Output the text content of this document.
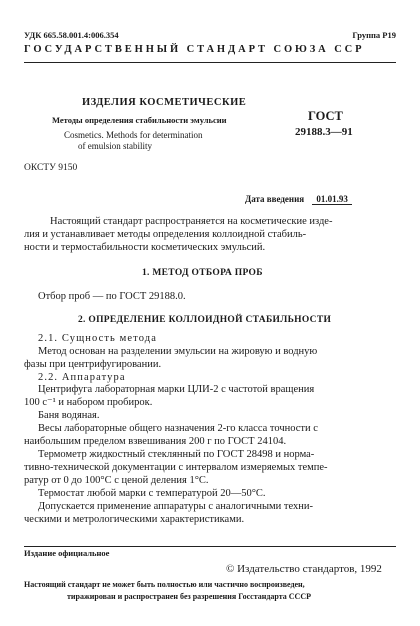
УДК 665.58.001.4:006.354	Группа Р19
ГОСУДАРСТВЕННЫЙ СТАНДАРТ СОЮЗА ССР
ИЗДЕЛИЯ КОСМЕТИЧЕСКИЕ
Методы определения стабильности эмульсии
Cosmetics. Methods for determination
of emulsion stability
ГОСТ
29188.3—91
ОКСТУ 9150
Дата введения 01.01.93
Настоящий стандарт распространяется на косметические изде-
лия и устанавливает методы определения коллоидной стабиль-
ности и термостабильности косметических эмульсий.
1. МЕТОД ОТБОРА ПРОБ
Отбор проб — по ГОСТ 29188.0.
2. ОПРЕДЕЛЕНИЕ КОЛЛОИДНОЙ СТАБИЛЬНОСТИ
2.1. Сущность метода
Метод основан на разделении эмульсии на жировую и водную
фазы при центрифугировании.
2.2. Аппаратура
Центрифуга лабораторная марки ЦЛИ-2 с частотой вращения
100 с⁻¹ и набором пробирок.
Баня водяная.
Весы лабораторные общего назначения 2-го класса точности с
наибольшим пределом взвешивания 200 г по ГОСТ 24104.
Термометр жидкостный стеклянный по ГОСТ 28498 и норма-
тивно-технической документации с интервалом измеряемых темпе-
ратур от 0 до 100°С с ценой деления 1°С.
Термостат любой марки с температурой 20—50°С.
Допускается применение аппаратуры с аналогичными техни-
ческими и метрологическими характеристиками.
Издание официальное
© Издательство стандартов, 1992
Настоящий стандарт не может быть полностью или частично воспроизведен,
тиражирован и распространен без разрешения Госстандарта СССР
